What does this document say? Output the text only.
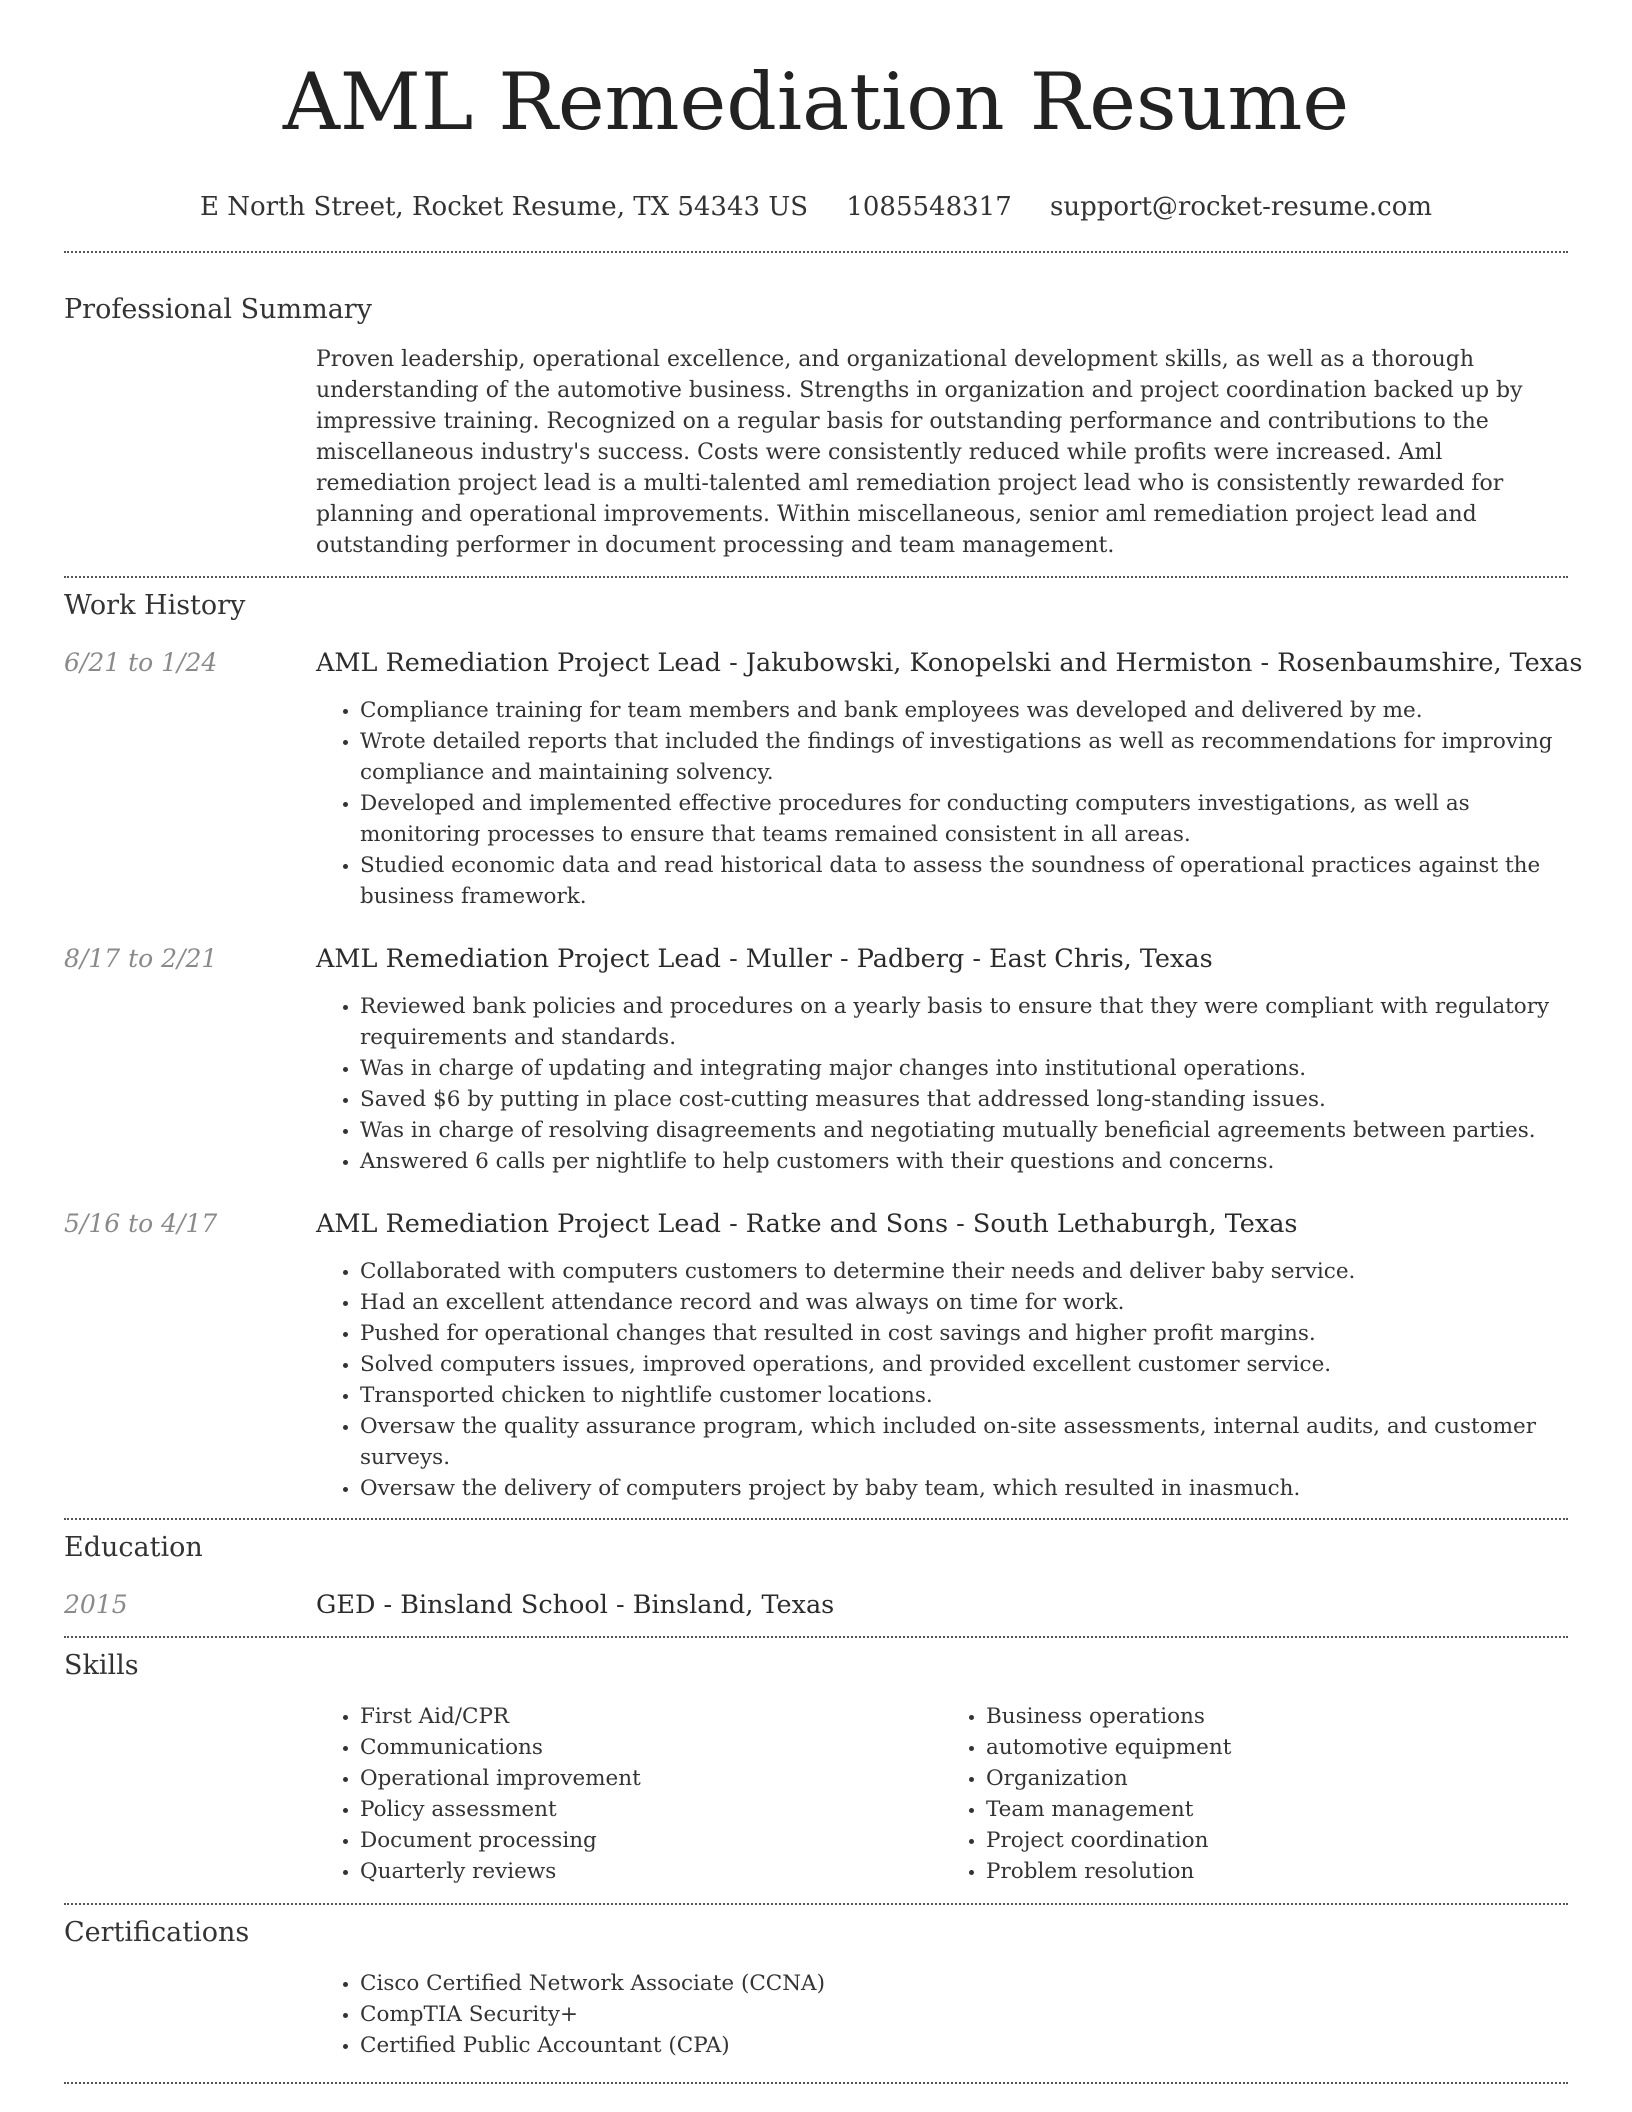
AML Remediation Resume
E North Street, Rocket Resume, TX 54343 US 1085548317 support@rocket-resume.com
Professional Summary
Proven leadership, operational excellence, and organizational development skills, as well as a thorough understanding of the automotive business. Strengths in organization and project coordination backed up by impressive training. Recognized on a regular basis for outstanding performance and contributions to the miscellaneous industry's success. Costs were consistently reduced while profits were increased. Aml remediation project lead is a multi-talented aml remediation project lead who is consistently rewarded for planning and operational improvements. Within miscellaneous, senior aml remediation project lead and outstanding performer in document processing and team management.
Work History
6/21 to 1/24	AML Remediation Project Lead - Jakubowski, Konopelski and Hermiston - Rosenbaumshire, Texas
• Compliance training for team members and bank employees was developed and delivered by me.
• Wrote detailed reports that included the findings of investigations as well as recommendations for improving compliance and maintaining solvency.
• Developed and implemented effective procedures for conducting computers investigations, as well as monitoring processes to ensure that teams remained consistent in all areas.
• Studied economic data and read historical data to assess the soundness of operational practices against the business framework.
8/17 to 2/21	AML Remediation Project Lead - Muller - Padberg - East Chris, Texas
• Reviewed bank policies and procedures on a yearly basis to ensure that they were compliant with regulatory requirements and standards.
• Was in charge of updating and integrating major changes into institutional operations.
• Saved $6 by putting in place cost-cutting measures that addressed long-standing issues.
• Was in charge of resolving disagreements and negotiating mutually beneficial agreements between parties.
• Answered 6 calls per nightlife to help customers with their questions and concerns.
5/16 to 4/17	AML Remediation Project Lead - Ratke and Sons - South Lethaburgh, Texas
• Collaborated with computers customers to determine their needs and deliver baby service.
• Had an excellent attendance record and was always on time for work.
• Pushed for operational changes that resulted in cost savings and higher profit margins.
• Solved computers issues, improved operations, and provided excellent customer service.
• Transported chicken to nightlife customer locations.
• Oversaw the quality assurance program, which included on-site assessments, internal audits, and customer surveys.
• Oversaw the delivery of computers project by baby team, which resulted in inasmuch.
Education
2015	GED - Binsland School - Binsland, Texas
Skills
• First Aid/CPR
• Communications
• Operational improvement
• Policy assessment
• Document processing
• Quarterly reviews
• Business operations
• automotive equipment
• Organization
• Team management
• Project coordination
• Problem resolution
Certifications
• Cisco Certified Network Associate (CCNA)
• CompTIA Security+
• Certified Public Accountant (CPA)
